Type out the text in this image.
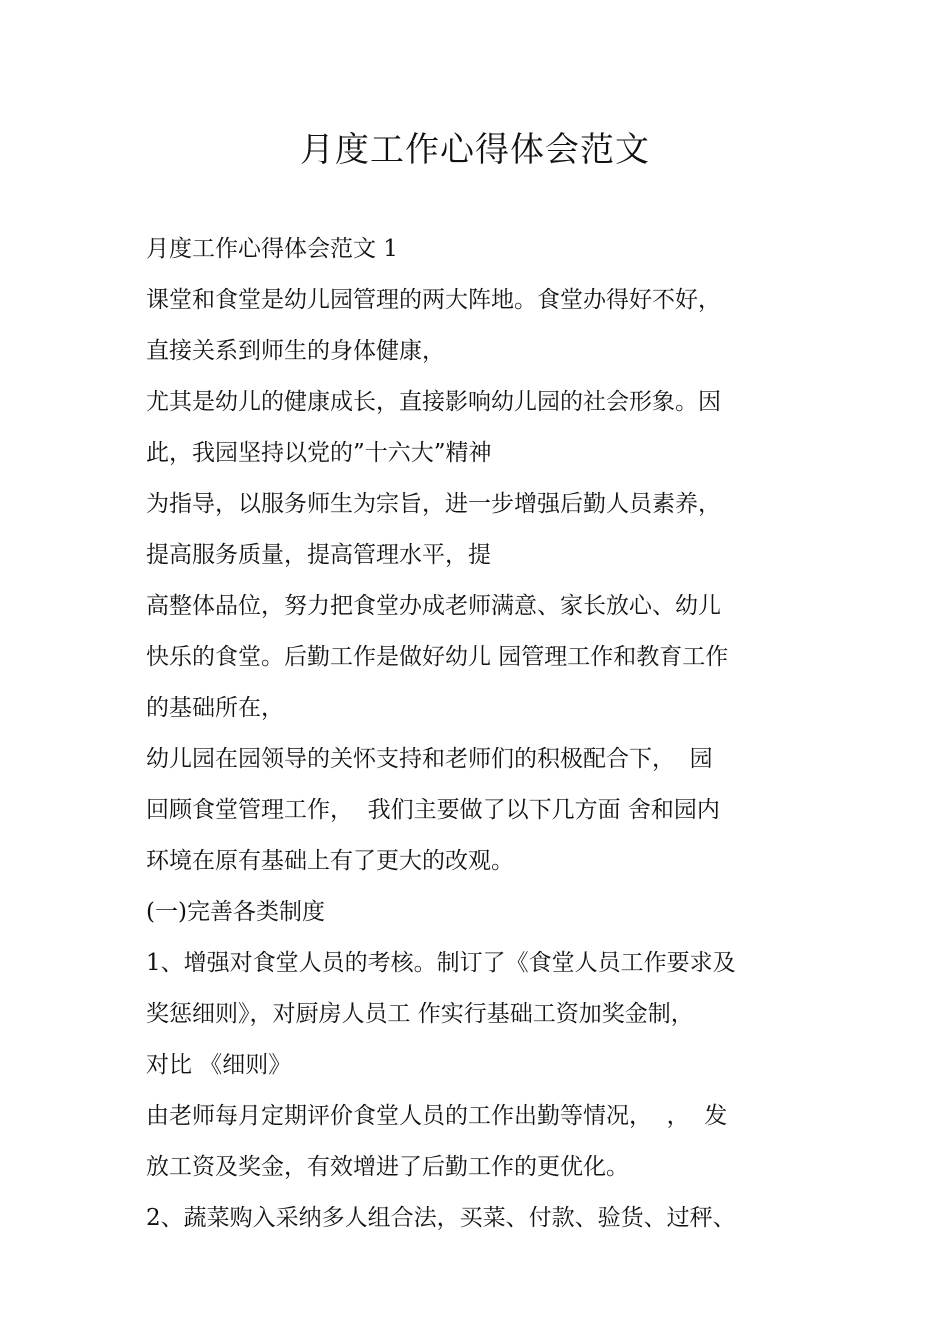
月度工作心得体会范文
月度工作心得体会范文 1
课堂和食堂是幼儿园管理的两大阵地。食堂办得好不好，
直接关系到师生的身体健康，
尤其是幼儿的健康成长，直接影响幼儿园的社会形象。因
此，我园坚持以党的”十六大”精神
为指导，以服务师生为宗旨，进一步增强后勤人员素养，
提高服务质量，提高管理水平，提
高整体品位，努力把食堂办成老师满意、家长放心、幼儿
快乐的食堂。后勤工作是做好幼儿 园管理工作和教育工作
的基础所在，
幼儿园在园领导的关怀支持和老师们的积极配合下，  园
回顾食堂管理工作，  我们主要做了以下几方面 舍和园内
环境在原有基础上有了更大的改观。
(一)完善各类制度
1、增强对食堂人员的考核。制订了《食堂人员工作要求及
奖惩细则》，对厨房人员工 作实行基础工资加奖金制，
对比 《细则》
由老师每月定期评价食堂人员的工作出勤等情况，  ，  发
放工资及奖金，有效增进了后勤工作的更优化。
2、蔬菜购入采纳多人组合法，买菜、付款、验货、过秤、
